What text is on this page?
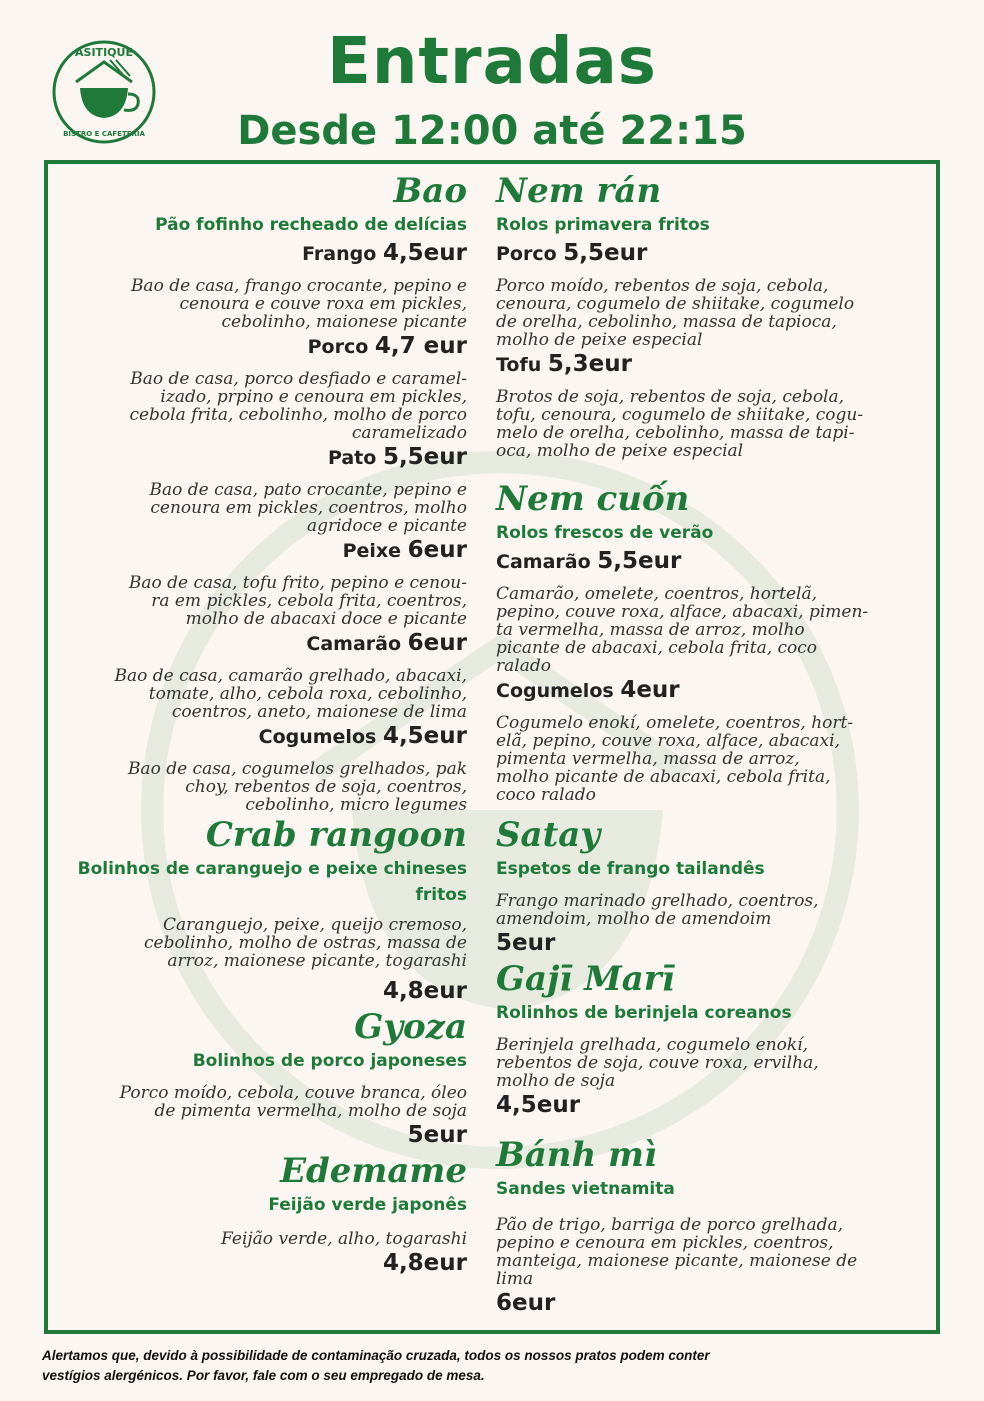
ASITIQUE
BISTRO E CAFETERIA
Entradas
Desde 12:00 até 22:15
Bao

Pão fofinho recheado de delícias

Frango 4,5eur

Bao de casa, frango crocante, pepino e

cenoura e couve roxa em pickles,

cebolinho, maionese picante

Porco 4,7 eur

Bao de casa, porco desfiado e caramel-

izado, prpino e cenoura em pickles,

cebola frita, cebolinho, molho de porco

caramelizado

Pato 5,5eur

Bao de casa, pato crocante, pepino e

cenoura em pickles, coentros, molho

agridoce e picante

Peixe 6eur

Bao de casa, tofu frito, pepino e cenou-

ra em pickles, cebola frita, coentros,

molho de abacaxi doce e picante

Camarão 6eur

Bao de casa, camarão grelhado, abacaxi,

tomate, alho, cebola roxa, cebolinho,

coentros, aneto, maionese de lima

Cogumelos 4,5eur

Bao de casa, cogumelos grelhados, pak

choy, rebentos de soja, coentros,

cebolinho, micro legumes

Crab rangoon

Bolinhos de caranguejo e peixe chineses fritos

Caranguejo, peixe, queijo cremoso,

cebolinho, molho de ostras, massa de

arroz, maionese picante, togarashi

4,8eur

Gyoza

Bolinhos de porco japoneses

Porco moído, cebola, couve branca, óleo

de pimenta vermelha, molho de soja

5eur

Edemame

Feijão verde japonês

Feijão verde, alho, togarashi

4,8eur

Nem rán

Rolos primavera fritos

Porco 5,5eur

Porco moído, rebentos de soja, cebola,

cenoura, cogumelo de shiitake, cogumelo

de orelha, cebolinho, massa de tapioca,

molho de peixe especial

Tofu 5,3eur

Brotos de soja, rebentos de soja, cebola,

tofu, cenoura, cogumelo de shiitake, cogu-

melo de orelha, cebolinho, massa de tapi-

oca, molho de peixe especial

Nem cuốn

Rolos frescos de verão

Camarão 5,5eur

Camarão, omelete, coentros, hortelã,

pepino, couve roxa, alface, abacaxi, pimen-

ta vermelha, massa de arroz, molho

picante de abacaxi, cebola frita, coco

ralado

Cogumelos 4eur

Cogumelo enokí, omelete, coentros, hort-

elã, pepino, couve roxa, alface, abacaxi,

pimenta vermelha, massa de arroz,

molho picante de abacaxi, cebola frita,

coco ralado

Satay

Espetos de frango tailandês

Frango marinado grelhado, coentros,

amendoim, molho de amendoim

5eur

Gajī Marī

Rolinhos de berinjela coreanos

Berinjela grelhada, cogumelo enokí,

rebentos de soja, couve roxa, ervilha,

molho de soja

4,5eur

Bánh mì

Sandes vietnamita

Pão de trigo, barriga de porco grelhada,

pepino e cenoura em pickles, coentros,

manteiga, maionese picante, maionese de

lima

6eur

Alertamos que, devido à possibilidade de contaminação cruzada, todos os nossos pratos podem conter
vestígios alergénicos. Por favor, fale com o seu empregado de mesa.
